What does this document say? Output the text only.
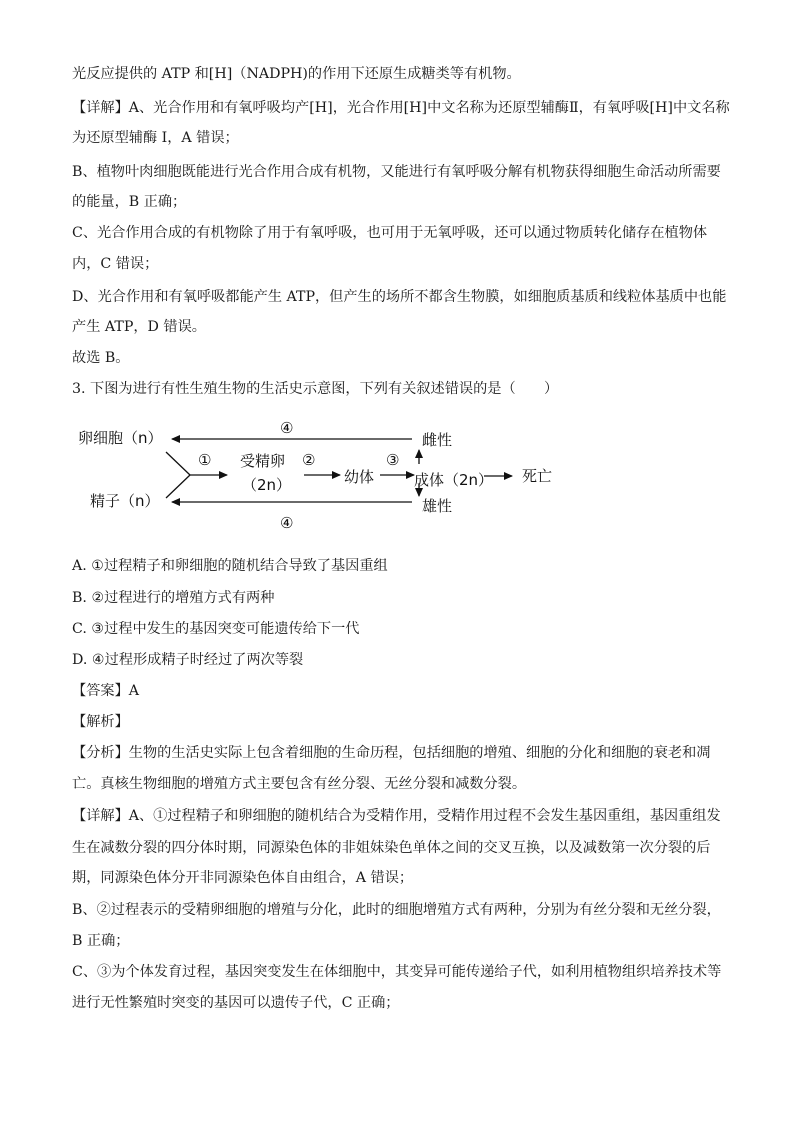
光反应提供的 ATP 和[H]（NADPH)的作用下还原生成糖类等有机物。
【详解】A、光合作用和有氧呼吸均产[H]，光合作用[H]中文名称为还原型辅酶Ⅱ，有氧呼吸[H]中文名称
为还原型辅酶 I，A 错误；
B、植物叶肉细胞既能进行光合作用合成有机物，又能进行有氧呼吸分解有机物获得细胞生命活动所需要
的能量，B 正确；
C、光合作用合成的有机物除了用于有氧呼吸，也可用于无氧呼吸，还可以通过物质转化储存在植物体
内，C 错误；
D、光合作用和有氧呼吸都能产生 ATP，但产生的场所不都含生物膜，如细胞质基质和线粒体基质中也能
产生 ATP，D 错误。
故选 B。
3. 下图为进行有性生殖生物的生活史示意图，下列有关叙述错误的是（　　）
卵细胞（n）
精子（n）
① 受精卵
（2n）
②
幼体
③
成体（2n） 死亡
雌性
雄性
④
④
A. ①过程精子和卵细胞的随机结合导致了基因重组
B. ②过程进行的增殖方式有两种
C. ③过程中发生的基因突变可能遗传给下一代
D. ④过程形成精子时经过了两次等裂
【答案】A
【解析】
【分析】生物的生活史实际上包含着细胞的生命历程，包括细胞的增殖、细胞的分化和细胞的衰老和凋
亡。真核生物细胞的增殖方式主要包含有丝分裂、无丝分裂和减数分裂。
【详解】A、①过程精子和卵细胞的随机结合为受精作用，受精作用过程不会发生基因重组，基因重组发
生在减数分裂的四分体时期，同源染色体的非姐妹染色单体之间的交叉互换，以及减数第一次分裂的后
期，同源染色体分开非同源染色体自由组合，A 错误；
B、②过程表示的受精卵细胞的增殖与分化，此时的细胞增殖方式有两种，分别为有丝分裂和无丝分裂，
B 正确；
C、③为个体发育过程，基因突变发生在体细胞中，其变异可能传递给子代，如利用植物组织培养技术等
进行无性繁殖时突变的基因可以遗传子代，C 正确；
